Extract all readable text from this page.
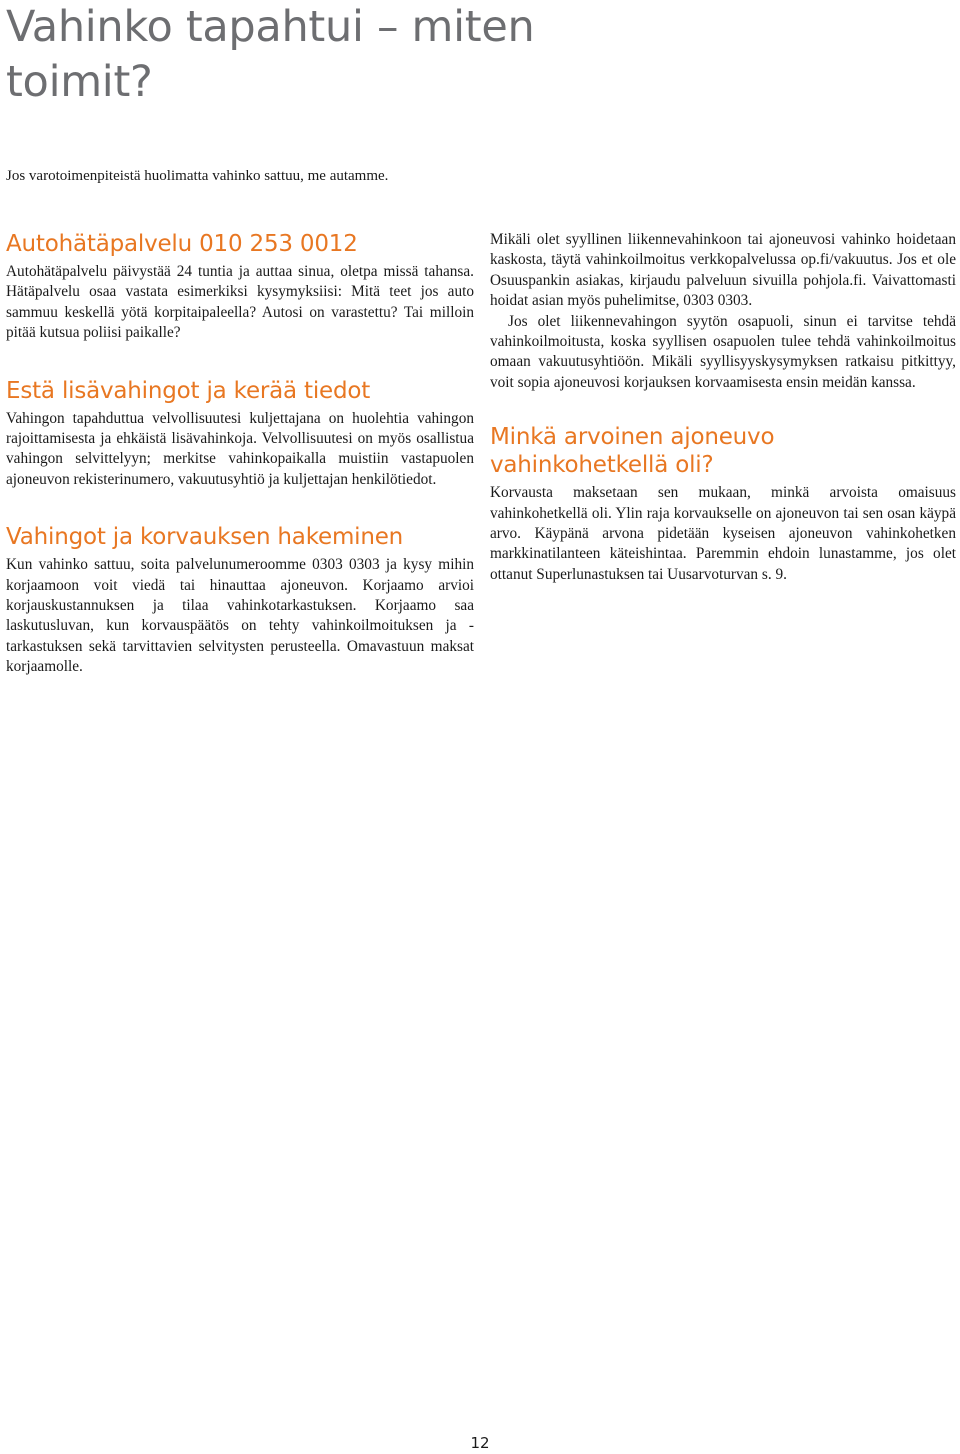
Vahinko tapahtui – miten toimit?

Jos varotoimenpiteistä huolimatta vahinko sattuu, me autamme.

Autohätäpalvelu 010 253 0012

Autohätäpalvelu päivystää 24 tuntia ja auttaa sinua, oletpa missä tahansa. Hätäpalvelu osaa vastata esimerkiksi kysymyksiisi: Mitä teet jos auto sammuu keskellä yötä korpitaipaleella? Autosi on varastettu? Tai milloin pitää kutsua poliisi paikalle?

Estä lisävahingot ja kerää tiedot

Vahingon tapahduttua velvollisuutesi kuljettajana on huolehtia vahingon rajoittamisesta ja ehkäistä lisävahinkoja. Velvollisuutesi on myös osallistua vahingon selvittelyyn; merkitse vahinkopaikalla muistiin vastapuolen ajoneuvon rekisterinumero, vakuutusyhtiö ja kuljettajan henkilötiedot.

Vahingot ja korvauksen hakeminen

Kun vahinko sattuu, soita palvelunumeroomme 0303 0303 ja kysy mihin korjaamoon voit viedä tai hinauttaa ajoneuvon. Korjaamo arvioi korjauskustannuksen ja tilaa vahinkotarkastuksen. Korjaamo saa laskutusluvan, kun korvauspäätös on tehty vahinkoilmoituksen ja -tarkastuksen sekä tarvittavien selvitysten perusteella. Omavastuun maksat korjaamolle.

Mikäli olet syyllinen liikennevahinkoon tai ajoneuvosi vahinko hoidetaan kaskosta, täytä vahinkoilmoitus verkkopalvelussa op.fi/vakuutus. Jos et ole Osuuspankin asiakas, kirjaudu palveluun sivuilla pohjola.fi. Vaivattomasti hoidat asian myös puhelimitse, 0303 0303.

Jos olet liikennevahingon syytön osapuoli, sinun ei tarvitse tehdä vahinkoilmoitusta, koska syyllisen osapuolen tulee tehdä vahinkoilmoitus omaan vakuutusyhtiöön. Mikäli syyllisyyskysymyksen ratkaisu pitkittyy, voit sopia ajoneuvosi korjauksen korvaamisesta ensin meidän kanssa.

Minkä arvoinen ajoneuvo vahinkohetkellä oli?

Korvausta maksetaan sen mukaan, minkä arvoista omaisuus vahinkohetkellä oli. Ylin raja korvaukselle on ajoneuvon tai sen osan käypä arvo. Käypänä arvona pidetään kyseisen ajoneuvon vahinkohetken markkinatilanteen käteishintaa. Paremmin ehdoin lunastamme, jos olet ottanut Superlunastuksen tai Uusarvoturvan s. 9.

12
